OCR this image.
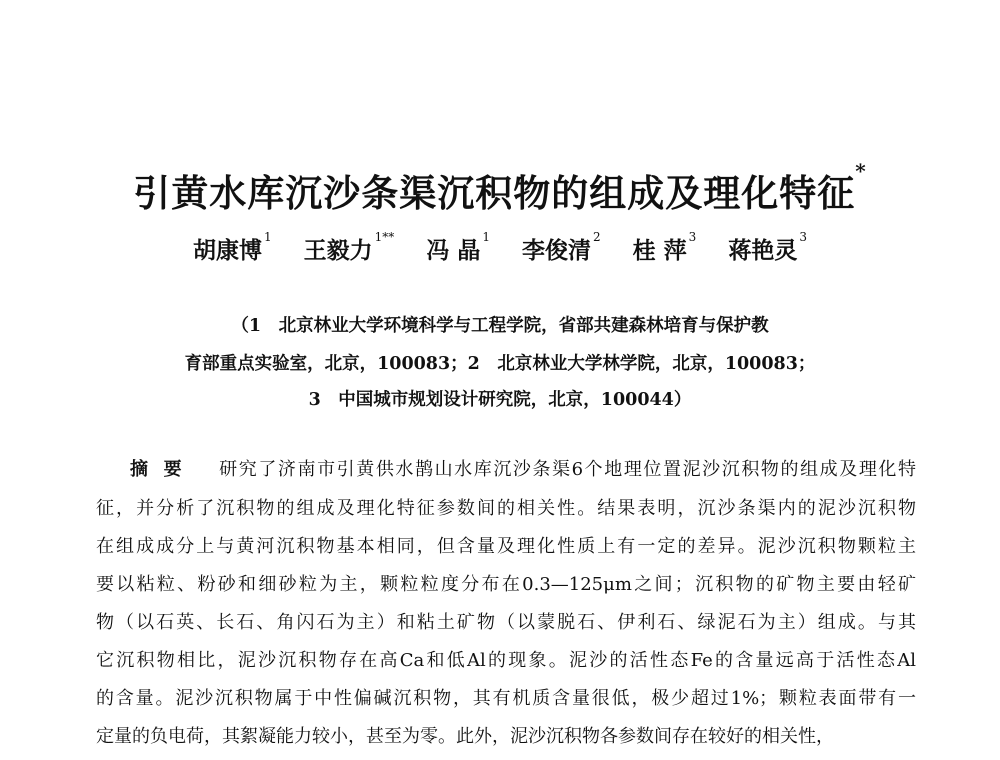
引黄水库沉沙条渠沉积物的组成及理化特征*
胡康博 $^1$ 王毅力 $^{1**}$ 冯 晶 $^1$ 李俊清 $^2$ 桂 萍 $^3$ 蒋艳灵 $^3$
（1　北京林业大学环境科学与工程学院，省部共建森林培育与保护教
育部重点实验室，北京，100083；2　北京林业大学林学院，北京，100083；
3　中国城市规划设计研究院，北京，100044）
摘要 研究了济南市引黄供水鹊山水库沉沙条渠6个地理位置泥沙沉积物的组成及理化特
征，并分析了沉积物的组成及理化特征参数间的相关性。结果表明，沉沙条渠内的泥沙沉积物
在组成成分上与黄河沉积物基本相同，但含量及理化性质上有一定的差异。泥沙沉积物颗粒主
要以粘粒、粉砂和细砂粒为主，颗粒粒度分布在0.3—125μm之间；沉积物的矿物主要由轻矿
物（以石英、长石、角闪石为主）和粘土矿物（以蒙脱石、伊利石、绿泥石为主）组成。与其
它沉积物相比，泥沙沉积物存在高Ca和低Al的现象。泥沙的活性态Fe的含量远高于活性态Al
的含量。泥沙沉积物属于中性偏碱沉积物，其有机质含量很低，极少超过1%；颗粒表面带有一
定量的负电荷，其絮凝能力较小，甚至为零。此外，泥沙沉积物各参数间存在较好的相关性，
